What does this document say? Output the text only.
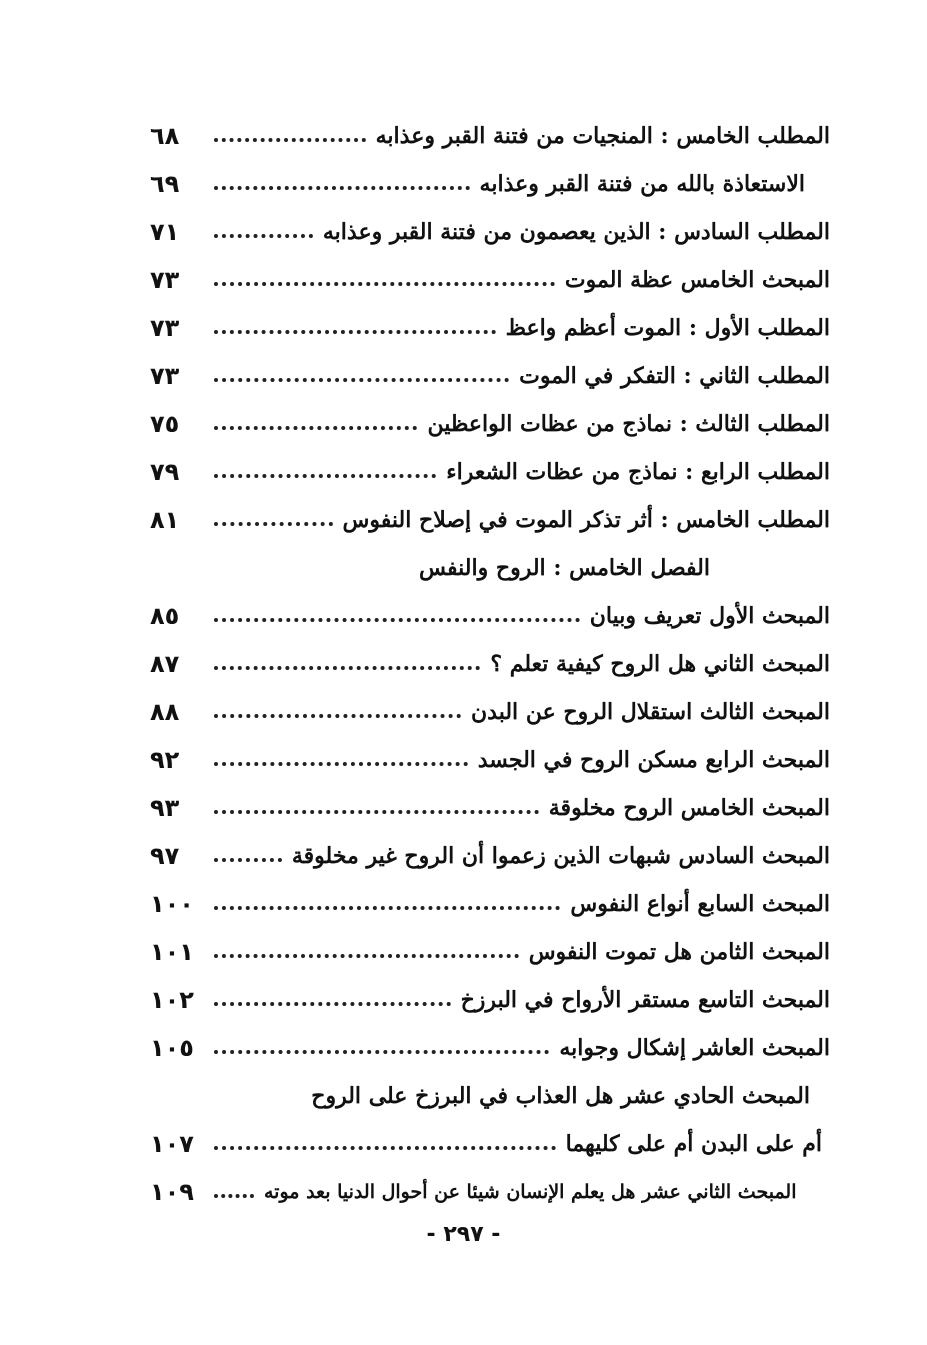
٦٨	المطلب الخامس : المنجيات من فتنة القبر وعذابه
٦٩	الاستعاذة بالله من فتنة القبر وعذابه
٧١	المطلب السادس : الذين يعصمون من فتنة القبر وعذابه
٧٣	المبحث الخامس عظة الموت
٧٣	المطلب الأول : الموت أعظم واعظ
٧٣	المطلب الثاني : التفكر في الموت
٧٥	المطلب الثالث : نماذج من عظات الواعظين
٧٩	المطلب الرابع : نماذج من عظات الشعراء
٨١	المطلب الخامس : أثر تذكر الموت في إصلاح النفوس
الفصل الخامس : الروح والنفس
٨٥	المبحث الأول تعريف وبيان
٨٧	المبحث الثاني هل الروح كيفية تعلم ؟
٨٨	المبحث الثالث استقلال الروح عن البدن
٩٢	المبحث الرابع مسكن الروح في الجسد
٩٣	المبحث الخامس الروح مخلوقة
٩٧	المبحث السادس شبهات الذين زعموا أن الروح غير مخلوقة
١٠٠	المبحث السابع أنواع النفوس
١٠١	المبحث الثامن هل تموت النفوس
١٠٢	المبحث التاسع مستقر الأرواح في البرزخ
١٠٥	المبحث العاشر إشكال وجوابه
المبحث الحادي عشر هل العذاب في البرزخ على الروح
١٠٧	أم على البدن أم على كليهما
١٠٩	المبحث الثاني عشر هل يعلم الإنسان شيئا عن أحوال الدنيا بعد موته
- ٢٩٧ -
